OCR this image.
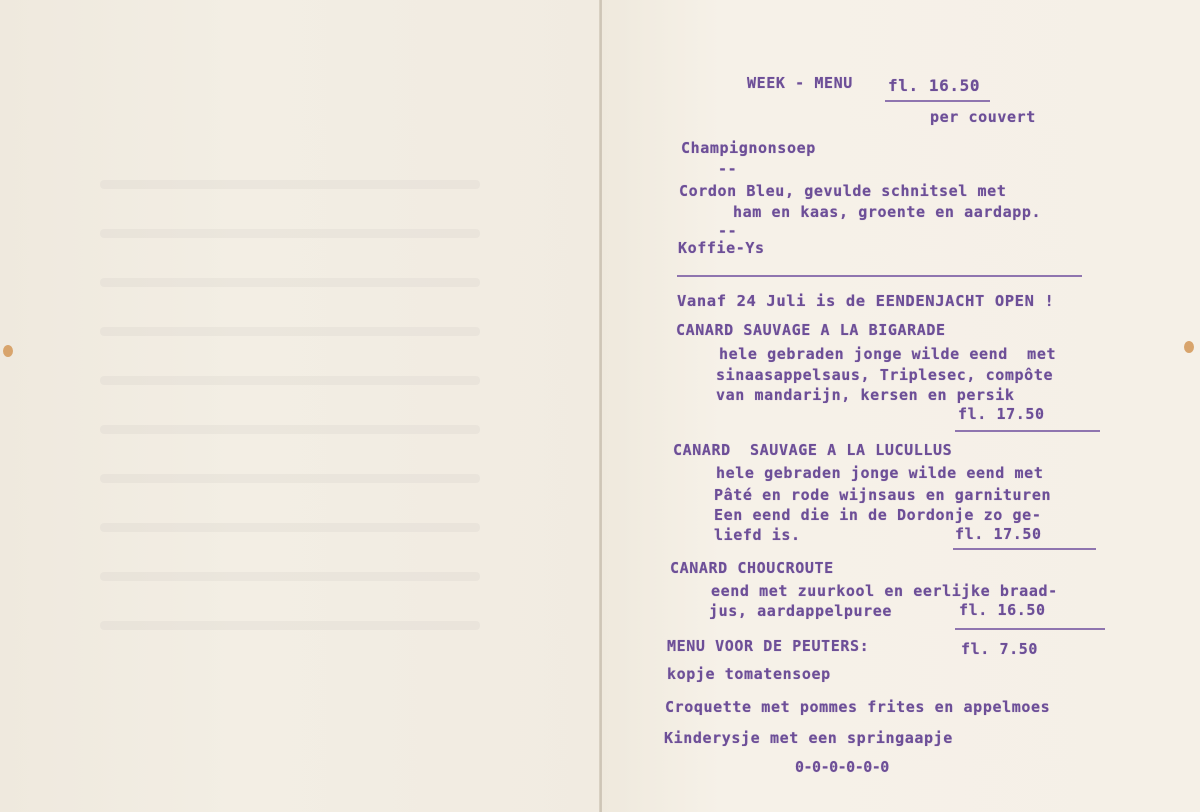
WEEK - MENU fl. 16.50
per couvert
Champignonsoep
--
Cordon Bleu, gevulde schnitsel met
ham en kaas, groente en aardapp.
--
Koffie-Ys
Vanaf 24 Juli is de EENDENJACHT OPEN !
CANARD SAUVAGE A LA BIGARADE
hele gebraden jonge wilde eend  met
sinaasappelsaus, Triplesec, compôte
van mandarijn, kersen en persik
fl. 17.50
CANARD  SAUVAGE A LA LUCULLUS
hele gebraden jonge wilde eend met
Pâté en rode wijnsaus en garnituren
Een eend die in de Dordonje zo ge-
liefd is.	fl. 17.50
CANARD CHOUCROUTE
eend met zuurkool en eerlijke braad-
jus, aardappelpuree	fl. 16.50
MENU VOOR DE PEUTERS:	fl. 7.50
kopje tomatensoep
Croquette met pommes frites en appelmoes
Kinderysje met een springaapje
0-0-0-0-0-0
